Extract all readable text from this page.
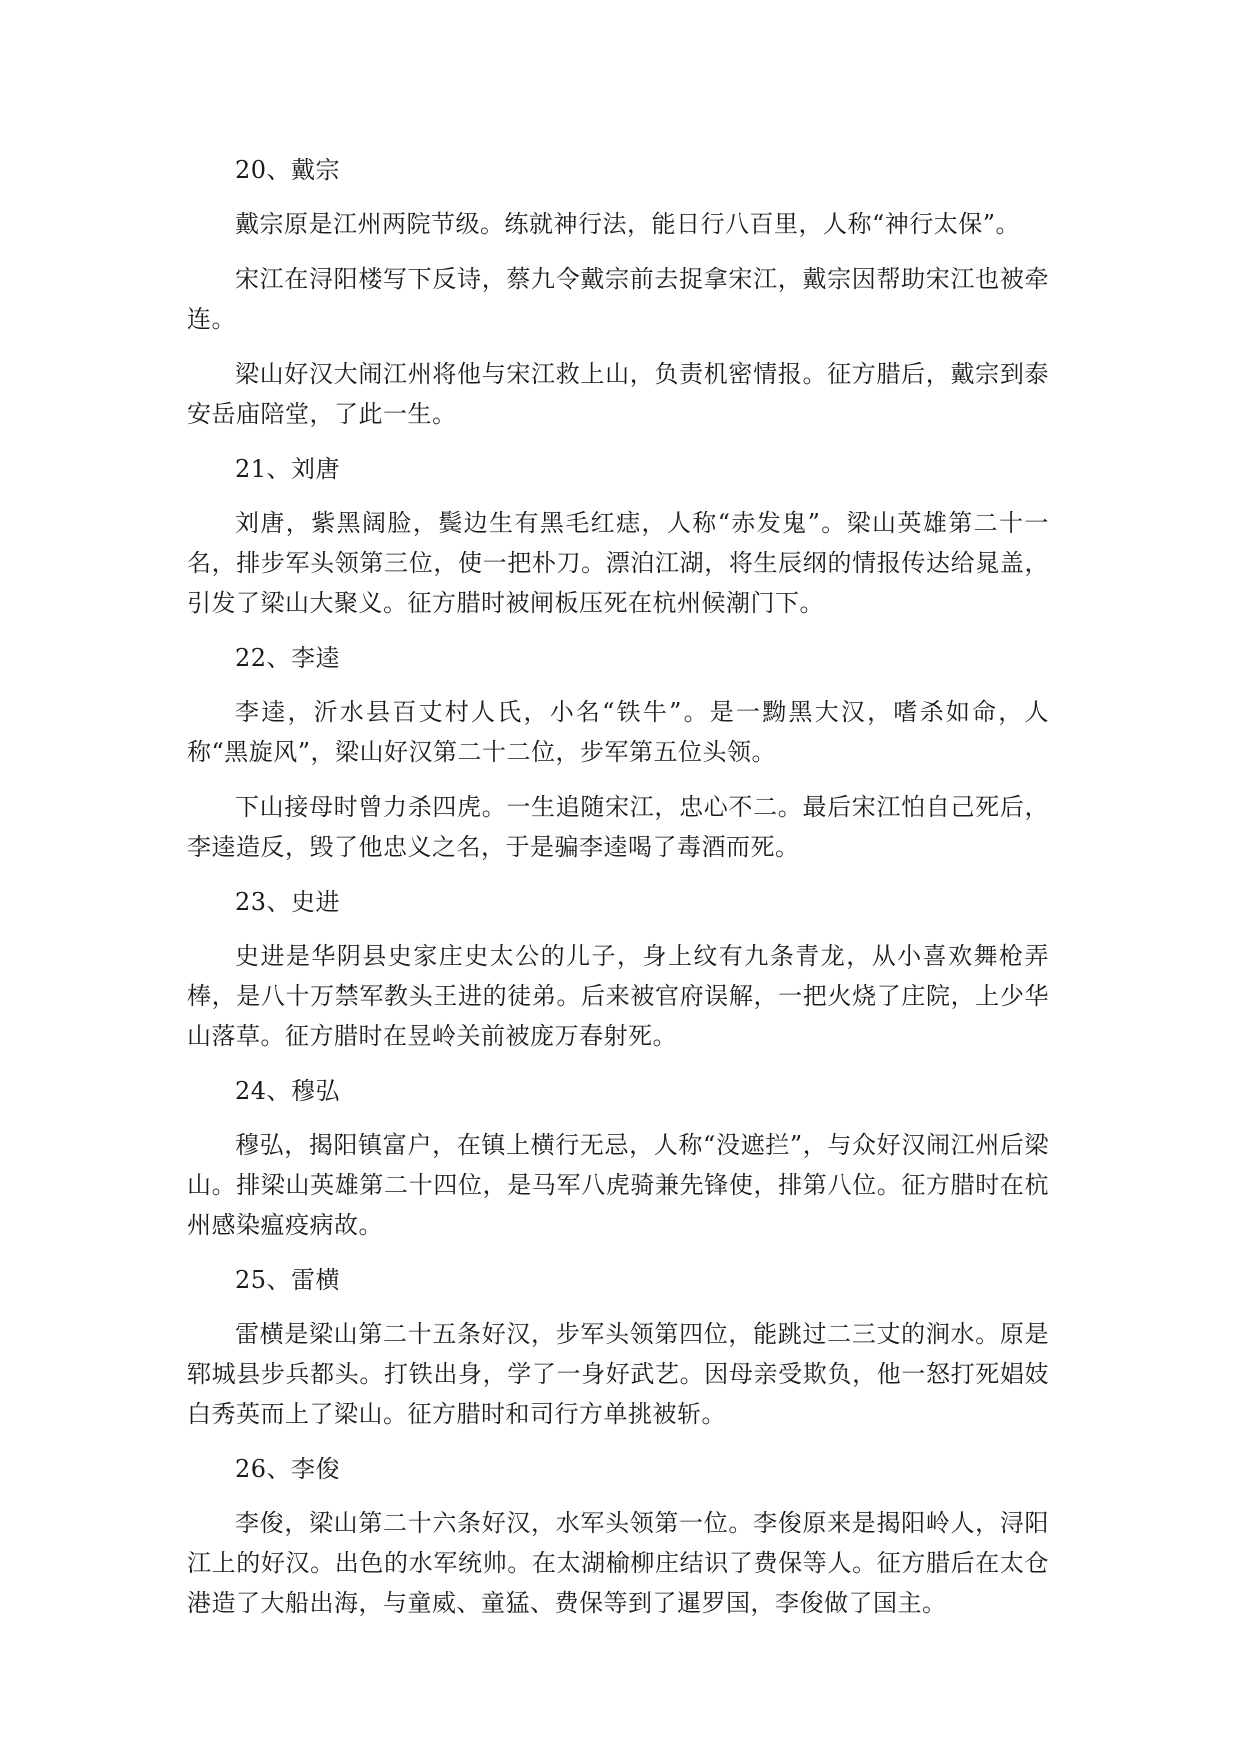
20、戴宗

戴宗原是江州两院节级。练就神行法，能日行八百里，人称“神行太保”。

宋江在浔阳楼写下反诗，蔡九令戴宗前去捉拿宋江，戴宗因帮助宋江也被牵连。

梁山好汉大闹江州将他与宋江救上山，负责机密情报。征方腊后，戴宗到泰安岳庙陪堂，了此一生。

21、刘唐

刘唐，紫黑阔脸，鬓边生有黑毛红痣，人称“赤发鬼”。梁山英雄第二十一名，排步军头领第三位，使一把朴刀。漂泊江湖，将生辰纲的情报传达给晁盖，引发了梁山大聚义。征方腊时被闸板压死在杭州候潮门下。

22、李逵

李逵，沂水县百丈村人氏，小名“铁牛”。是一黝黑大汉，嗜杀如命，人称“黑旋风”，梁山好汉第二十二位，步军第五位头领。

下山接母时曾力杀四虎。一生追随宋江，忠心不二。最后宋江怕自己死后，李逵造反，毁了他忠义之名，于是骗李逵喝了毒酒而死。

23、史进

史进是华阴县史家庄史太公的儿子，身上纹有九条青龙，从小喜欢舞枪弄棒，是八十万禁军教头王进的徒弟。后来被官府误解，一把火烧了庄院，上少华山落草。征方腊时在昱岭关前被庞万春射死。

24、穆弘

穆弘，揭阳镇富户，在镇上横行无忌，人称“没遮拦”，与众好汉闹江州后梁山。排梁山英雄第二十四位，是马军八虎骑兼先锋使，排第八位。征方腊时在杭州感染瘟疫病故。

25、雷横

雷横是梁山第二十五条好汉，步军头领第四位，能跳过二三丈的涧水。原是郓城县步兵都头。打铁出身，学了一身好武艺。因母亲受欺负，他一怒打死娼妓白秀英而上了梁山。征方腊时和司行方单挑被斩。

26、李俊

李俊，梁山第二十六条好汉，水军头领第一位。李俊原来是揭阳岭人，浔阳江上的好汉。出色的水军统帅。在太湖榆柳庄结识了费保等人。征方腊后在太仓港造了大船出海，与童威、童猛、费保等到了暹罗国，李俊做了国主。
